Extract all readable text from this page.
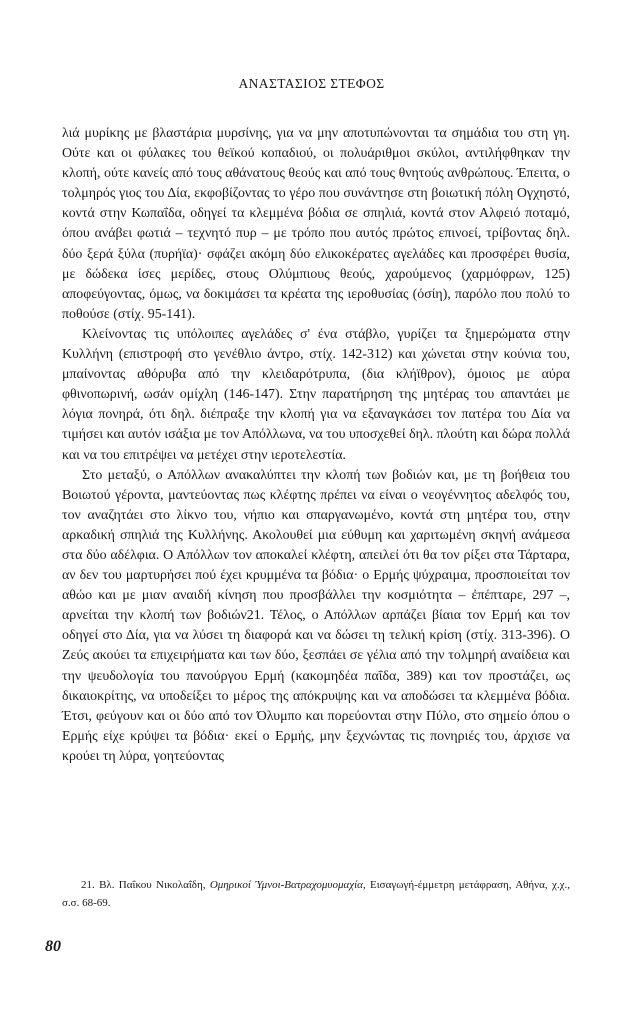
ΑΝΑΣΤΑΣΙΟΣ ΣΤΕΦΟΣ

λιά μυρίκης με βλαστάρια μυρσίνης, για να μην αποτυπώνονται τα σημάδια του στη γη. Ούτε και οι φύλακες του θεϊκού κοπαδιού, οι πολυάριθμοι σκύλοι, αντιλήφθηκαν την κλοπή, ούτε κανείς από τους αθάνατους θεούς και από τους θνητούς ανθρώπους. Έπειτα, ο τολμηρός γιος του Δία, εκφοβίζοντας το γέρο που συνάντησε στη βοιωτική πόλη Ογχηστό, κοντά στην Κωπαΐδα, οδηγεί τα κλεμμένα βόδια σε σπηλιά, κοντά στον Αλφειό ποταμό, όπου ανάβει φωτιά – τεχνητό πυρ – με τρόπο που αυτός πρώτος επινοεί, τρίβοντας δηλ. δύο ξερά ξύλα (πυρήϊα)· σφάζει ακόμη δύο ελικοκέρατες αγελάδες και προσφέρει θυσία, με δώδεκα ίσες μερίδες, στους Ολύμπιους θεούς, χαρούμενος (χαρμόφρων, 125) αποφεύγοντας, όμως, να δοκιμάσει τα κρέατα της ιεροθυσίας (όσίη), παρόλο που πολύ το ποθούσε (στίχ. 95-141).

Κλείνοντας τις υπόλοιπες αγελάδες σ' ένα στάβλο, γυρίζει τα ξημερώματα στην Κυλλήνη (επιστροφή στο γενέθλιο άντρο, στίχ. 142-312) και χώνεται στην κούνια του, μπαίνοντας αθόρυβα από την κλειδαρότρυπα, (δια κλήϊθρον), όμοιος με αύρα φθινοπωρινή, ωσάν ομίχλη (146-147). Στην παρατήρηση της μητέρας του απαντάει με λόγια πονηρά, ότι δηλ. διέπραξε την κλοπή για να εξαναγκάσει τον πατέρα του Δία να τιμήσει και αυτόν ισάξια με τον Απόλλωνα, να του υποσχεθεί δηλ. πλούτη και δώρα πολλά και να του επιτρέψει να μετέχει στην ιεροτελεστία.

Στο μεταξύ, ο Απόλλων ανακαλύπτει την κλοπή των βοδιών και, με τη βοήθεια του Βοιωτού γέροντα, μαντεύοντας πως κλέφτης πρέπει να είναι ο νεογέννητος αδελφός του, τον αναζητάει στο λίκνο του, νήπιο και σπαργανωμένο, κοντά στη μητέρα του, στην αρκαδική σπηλιά της Κυλλήνης. Ακολουθεί μια εύθυμη και χαριτωμένη σκηνή ανάμεσα στα δύο αδέλφια. Ο Απόλλων τον αποκαλεί κλέφτη, απειλεί ότι θα τον ρίξει στα Τάρταρα, αν δεν του μαρτυρήσει πού έχει κρυμμένα τα βόδια· ο Ερμής ψύχραιμα, προσποιείται τον αθώο και με μιαν αναιδή κίνηση που προσβάλλει την κοσμιότητα – ἐπέπταρε, 297 –, αρνείται την κλοπή των βοδιών21. Τέλος, ο Απόλλων αρπάζει βίαια τον Ερμή και τον οδηγεί στο Δία, για να λύσει τη διαφορά και να δώσει τη τελική κρίση (στίχ. 313-396). Ο Ζεύς ακούει τα επιχειρήματα και των δύο, ξεσπάει σε γέλια από την τολμηρή αναίδεια και την ψευδολογία του πανούργου Ερμή (κακομηδέα παΐδα, 389) και τον προστάζει, ως δικαιοκρίτης, να υποδείξει το μέρος της απόκρυψης και να αποδώσει τα κλεμμένα βόδια. Έτσι, φεύγουν και οι δύο από τον Όλυμπο και πορεύονται στην Πύλο, στο σημείο όπου ο Ερμής είχε κρύψει τα βόδια· εκεί ο Ερμής, μην ξεχνώντας τις πονηριές του, άρχισε να κρούει τη λύρα, γοητεύοντας

21. Βλ. Παΐκου Νικολαΐδη, Ομηρικοί Ύμνοι-Βατραχομυομαχία, Εισαγωγή-έμμετρη μετάφραση, Αθήνα, χ.χ., σ.σ. 68-69.
80
